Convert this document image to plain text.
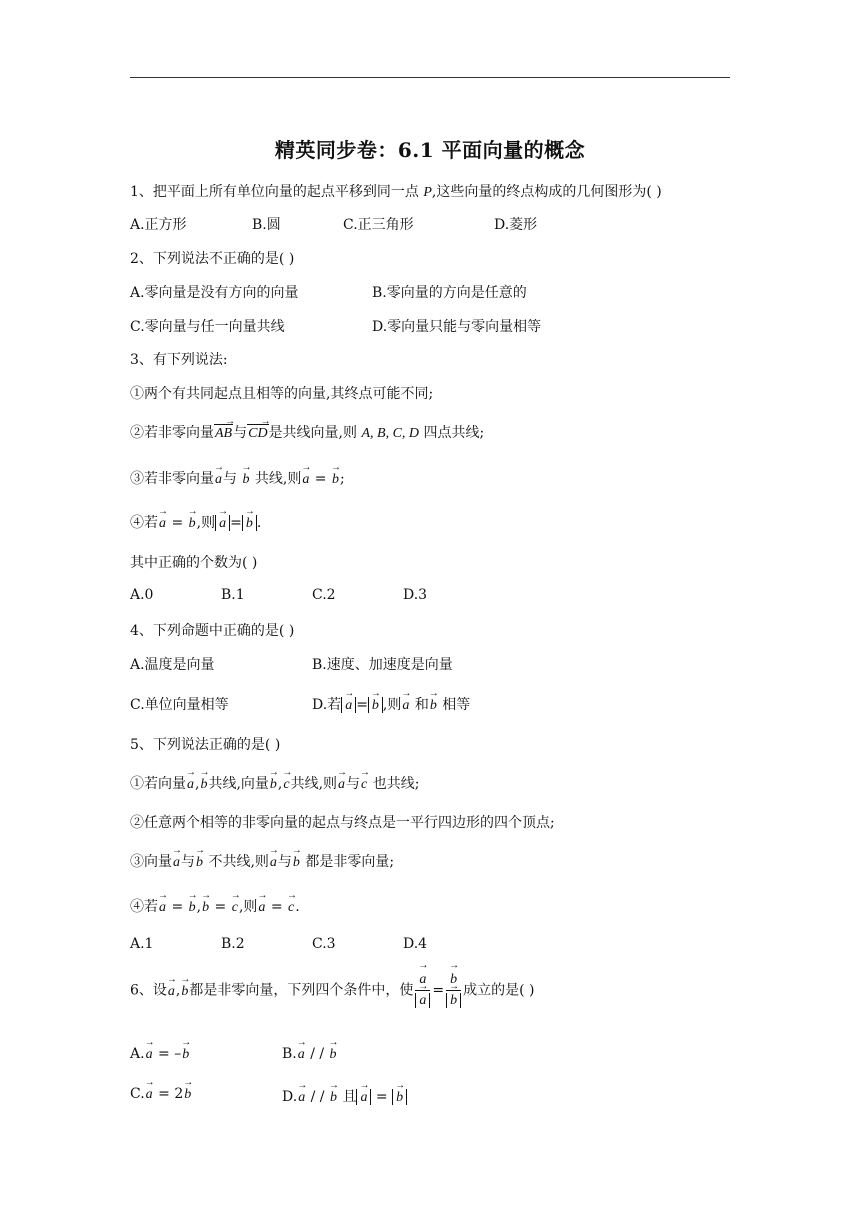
精英同步卷：6.1 平面向量的概念
1、把平面上所有单位向量的起点平移到同一点 P,这些向量的终点构成的几何图形为( )
A.正方形	B.圆	C.正三角形	D.菱形
2、下列说法不正确的是( )
A.零向量是没有方向的向量	B.零向量的方向是任意的
C.零向量与任一向量共线	D.零向量只能与零向量相等
3、有下列说法:
①两个有共同起点且相等的向量,其终点可能不同;
②若非零向量AB →与CD →是共线向量,则 A, B, C, D 四点共线;
③若非零向量→ a与 → b 共线,则→ a = → b;
④若→ a = → b,则 → a = → b .
其中正确的个数为( )
A.0	B.1	C.2	D.3
4、下列命题中正确的是( )
A.温度是向量	B.速度、加速度是向量
C.单位向量相等	D.若 → a = → b ,则→ a 和→ b 相等
5、下列说法正确的是( )
①若向量→ a,→ b共线,向量→ b,→ c共线,则→ a与→ c 也共线;
②任意两个相等的非零向量的起点与终点是一平行四边形的四个顶点;
③向量→ a与→ b 不共线,则→ a与→ b 都是非零向量;
④若→ a = → b,→ b = → c,则→ a = → c.
A.1	B.2	C.3	D.4
6、设→ a,→ b都是非零向量，下列四个条件中，使 → a
→ a = → b
→ b 成立的是( )
A.→ a = –→ b	B.→ a / / → b
C.→ a = 2→ b	D.→ a / / → b 且 → a = → b
